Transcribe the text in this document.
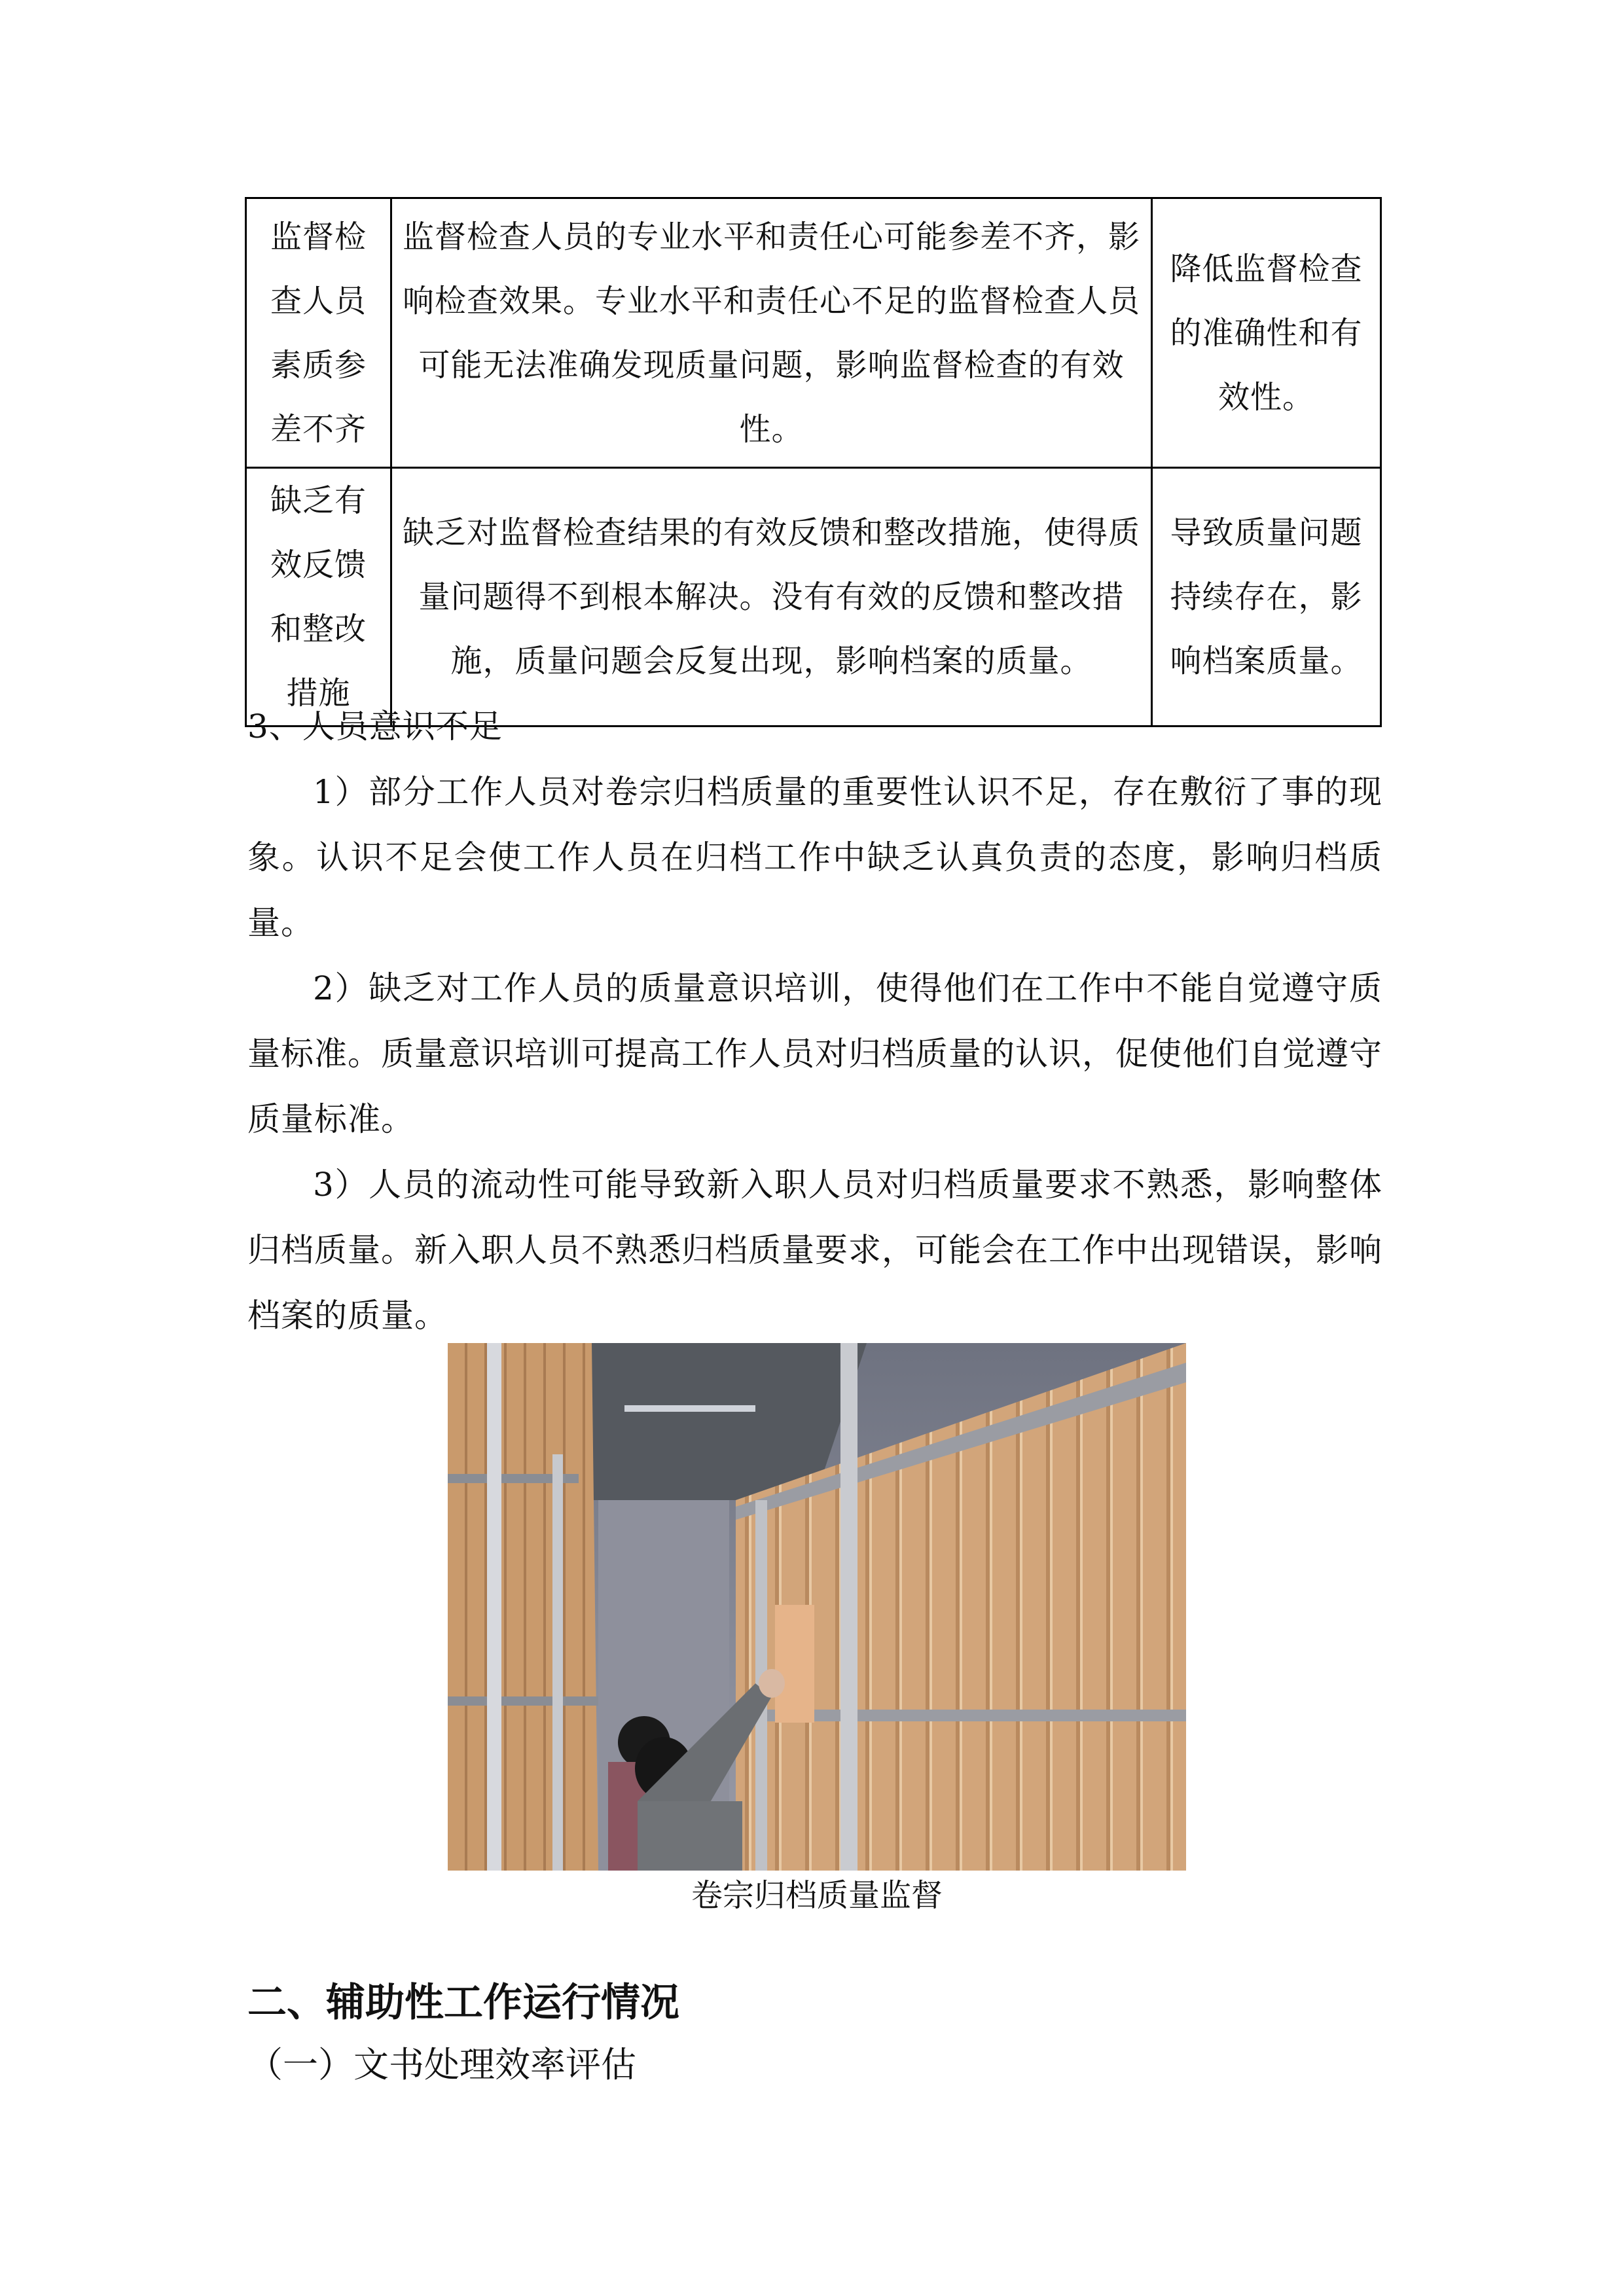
监督检查人员素质参差不齐	监督检查人员的专业水平和责任心可能参差不齐，影响检查效果。专业水平和责任心不足的监督检查人员可能无法准确发现质量问题，影响监督检查的有效性。	降低监督检查的准确性和有效性。
缺乏有效反馈和整改措施	缺乏对监督检查结果的有效反馈和整改措施，使得质量问题得不到根本解决。没有有效的反馈和整改措施，质量问题会反复出现，影响档案的质量。	导致质量问题持续存在，影响档案质量。
3、人员意识不足
1）部分工作人员对卷宗归档质量的重要性认识不足，存在敷衍了事的现象。认识不足会使工作人员在归档工作中缺乏认真负责的态度，影响归档质量。
2）缺乏对工作人员的质量意识培训，使得他们在工作中不能自觉遵守质量标准。质量意识培训可提高工作人员对归档质量的认识，促使他们自觉遵守质量标准。
3）人员的流动性可能导致新入职人员对归档质量要求不熟悉，影响整体归档质量。新入职人员不熟悉归档质量要求，可能会在工作中出现错误，影响档案的质量。
卷宗归档质量监督
二、辅助性工作运行情况
（一）文书处理效率评估
